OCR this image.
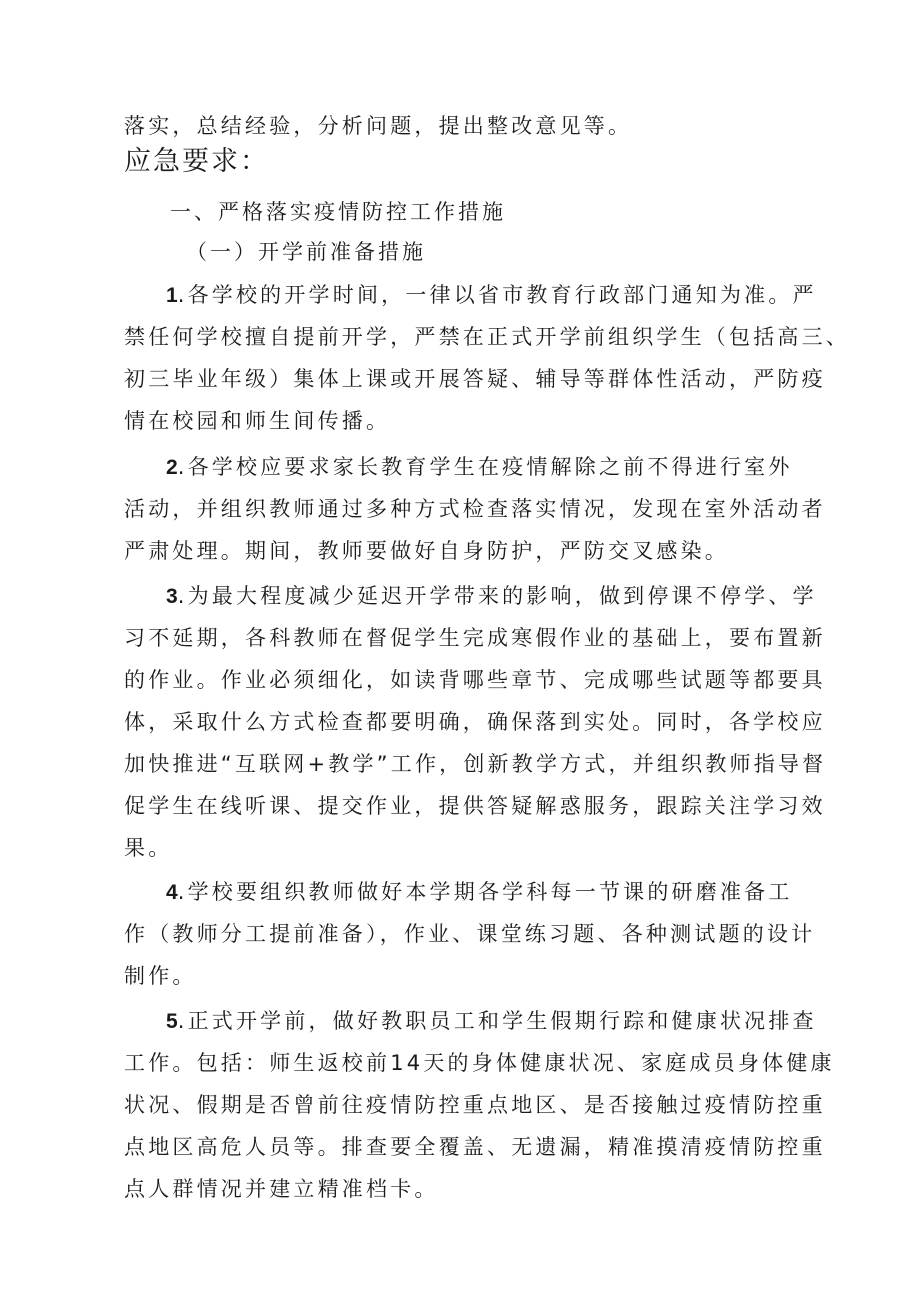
落实，总结经验，分析问题，提出整改意见等。
应急要求：
一、严格落实疫情防控工作措施
（一）开学前准备措施
1.各学校的开学时间，一律以省市教育行政部门通知为准。严
禁任何学校擅自提前开学，严禁在正式开学前组织学生（包括高三、
初三毕业年级）集体上课或开展答疑、辅导等群体性活动，严防疫
情在校园和师生间传播。
2.各学校应要求家长教育学生在疫情解除之前不得进行室外
活动，并组织教师通过多种方式检查落实情况，发现在室外活动者
严肃处理。期间，教师要做好自身防护，严防交叉感染。
3.为最大程度减少延迟开学带来的影响，做到停课不停学、学
习不延期，各科教师在督促学生完成寒假作业的基础上，要布置新
的作业。作业必须细化，如读背哪些章节、完成哪些试题等都要具
体，采取什么方式检查都要明确，确保落到实处。同时，各学校应
加快推进“互联网+教学”工作，创新教学方式，并组织教师指导督
促学生在线听课、提交作业，提供答疑解惑服务，跟踪关注学习效
果。
4.学校要组织教师做好本学期各学科每一节课的研磨准备工
作（教师分工提前准备），作业、课堂练习题、各种测试题的设计
制作。
5.正式开学前，做好教职员工和学生假期行踪和健康状况排查
工作。包括：师生返校前14天的身体健康状况、家庭成员身体健康
状况、假期是否曾前往疫情防控重点地区、是否接触过疫情防控重
点地区高危人员等。排查要全覆盖、无遗漏，精准摸清疫情防控重
点人群情况并建立精准档卡。
